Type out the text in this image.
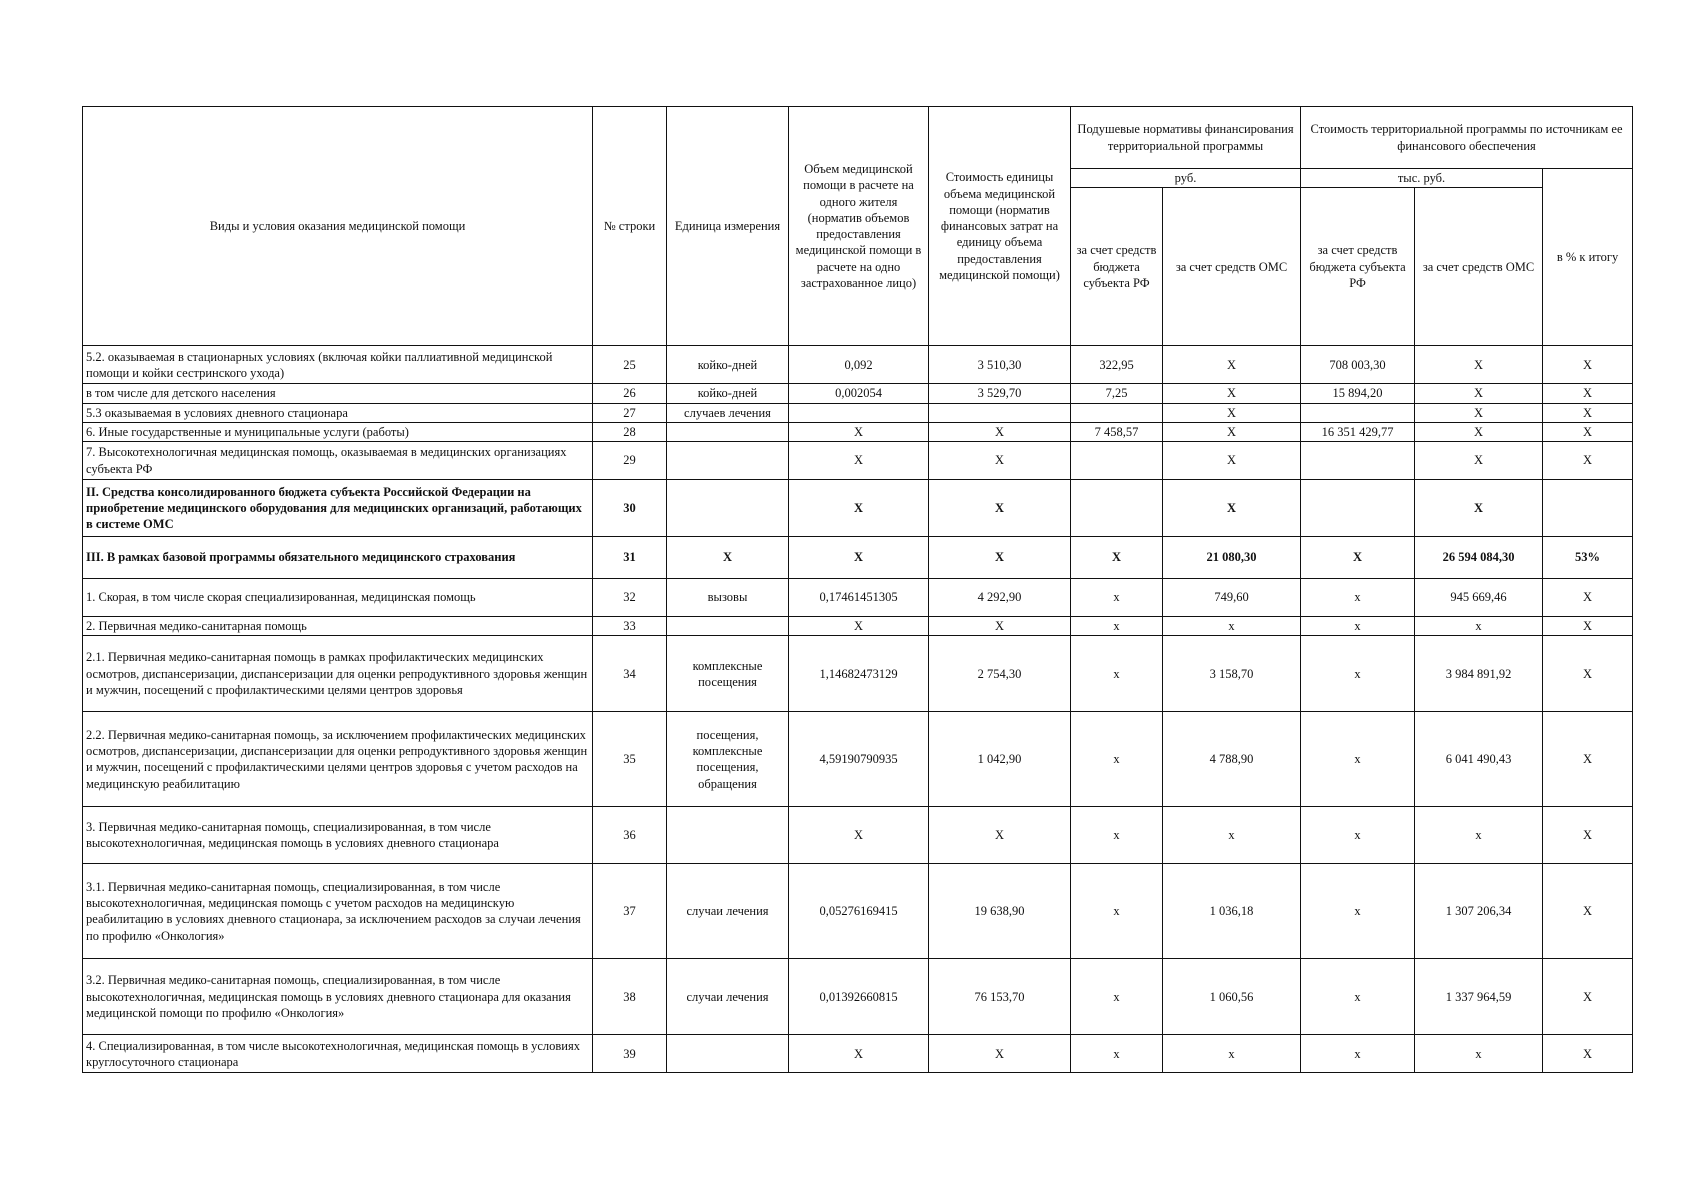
Виды и условия оказания медицинской помощи	№ строки	Единица измерения	Объем медицинской помощи в расчете на одного жителя (норматив объемов предоставления медицинской помощи в расчете на одно застрахованное лицо)	Стоимость единицы объема медицинской помощи (норматив финансовых затрат на единицу объема предоставления медицинской помощи)	Подушевые нормативы финансирования территориальной программы		Стоимость территориальной программы по источникам ее финансового обеспечения		
					руб.		тыс. руб.		в % к итогу
					за счет средств бюджета субъекта РФ	за счет средств ОМС	за счет средств бюджета субъекта РФ	за счет средств ОМС	
5.2. оказываемая в стационарных условиях (включая койки паллиативной медицинской помощи и койки сестринского ухода)	25	койко-дней	0,092	3 510,30	322,95	X	708 003,30	X	X
в том числе для детского населения	26	койко-дней	0,002054	3 529,70	7,25	X	15 894,20	X	X
5.3 оказываемая в условиях дневного стационара	27	случаев лечения				X		X	X
6. Иные государственные и муниципальные услуги (работы)	28		X	X	7 458,57	X	16 351 429,77	X	X
7. Высокотехнологичная медицинская помощь, оказываемая в медицинских организациях субъекта РФ	29		X	X		X		X	X
II. Средства консолидированного бюджета субъекта Российской Федерации на приобретение медицинского оборудования для медицинских организаций, работающих в системе ОМС	30		X	X		X		X	
III. В рамках базовой программы обязательного медицинского страхования	31	X	X	X	X	21 080,30	X	26 594 084,30	53%
1. Скорая, в том числе скорая специализированная, медицинская помощь	32	вызовы	0,17461451305	4 292,90	x	749,60	x	945 669,46	X
2. Первичная медико-санитарная помощь	33		X	X	x	x	x	x	X
2.1. Первичная медико-санитарная помощь в рамках профилактических медицинских осмотров, диспансеризации, диспансеризации для оценки репродуктивного здоровья женщин и мужчин, посещений с профилактическими целями центров здоровья	34	комплексные посещения	1,14682473129	2 754,30	x	3 158,70	x	3 984 891,92	X
2.2. Первичная медико-санитарная помощь, за исключением профилактических медицинских осмотров, диспансеризации, диспансеризации для оценки репродуктивного здоровья женщин и мужчин, посещений с профилактическими целями центров здоровья с учетом расходов на медицинскую реабилитацию	35	посещения, комплексные посещения, обращения	4,59190790935	1 042,90	x	4 788,90	x	6 041 490,43	X
3. Первичная медико-санитарная помощь, специализированная, в том числе высокотехнологичная, медицинская помощь в условиях дневного стационара	36		X	X	x	x	x	x	X
3.1. Первичная медико-санитарная помощь, специализированная, в том числе высокотехнологичная, медицинская помощь с учетом расходов на медицинскую реабилитацию в условиях дневного стационара, за исключением расходов за случаи лечения по профилю «Онкология»	37	случаи лечения	0,05276169415	19 638,90	x	1 036,18	x	1 307 206,34	X
3.2. Первичная медико-санитарная помощь, специализированная, в том числе высокотехнологичная, медицинская помощь в условиях дневного стационара для оказания медицинской помощи по профилю «Онкология»	38	случаи лечения	0,01392660815	76 153,70	x	1 060,56	x	1 337 964,59	X
4. Специализированная, в том числе высокотехнологичная, медицинская помощь в условиях круглосуточного стационара	39		X	X	x	x	x	x	X
